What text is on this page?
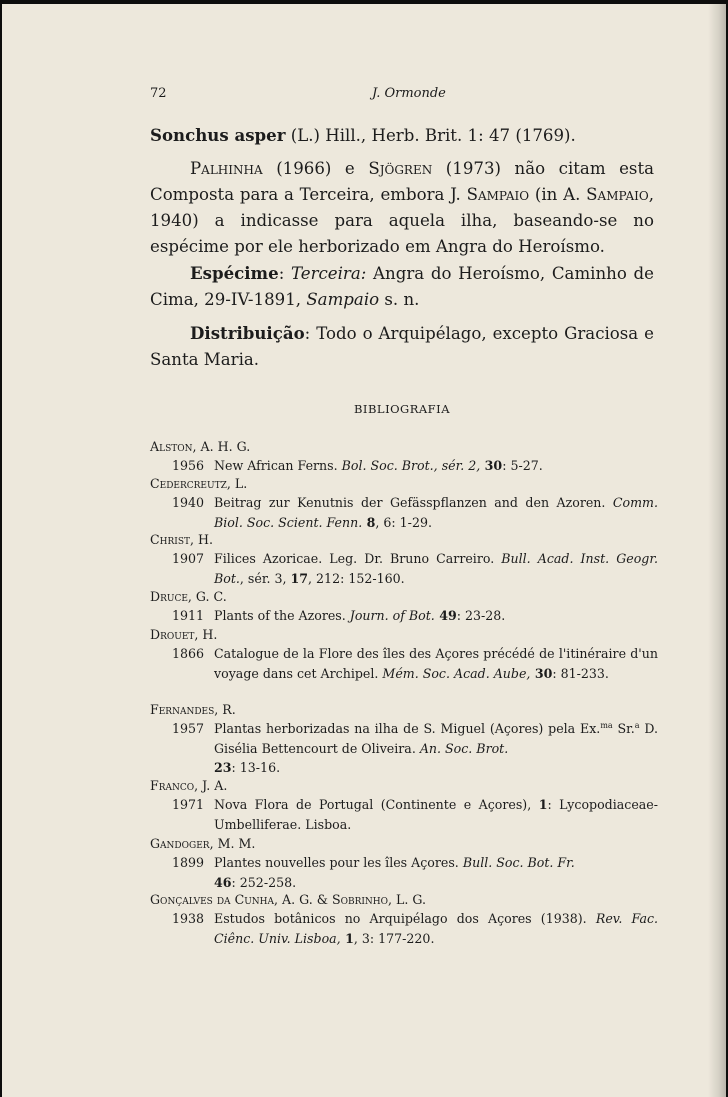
72	J. Ormonde

Sonchus asper (L.) Hill., Herb. Brit. 1: 47 (1769).

Palhinha (1966) e Sjögren (1973) não citam esta Composta para a Terceira, embora J. Sampaio (in A. Sampaio, 1940) a indicasse para aquela ilha, baseando-se no espécime por ele herborizado em Angra do Heroísmo.

Espécime: Terceira: Angra do Heroísmo, Caminho de Cima, 29-IV-1891, Sampaio s. n.

Distribuição: Todo o Arquipélago, excepto Graciosa e Santa Maria.

BIBLIOGRAFIA
Alston, A. H. G.
1956 New African Ferns. Bol. Soc. Brot., sér. 2, 30: 5-27.
Cedercreutz, L.
1940 Beitrag zur Kenutnis der Gefässpflanzen and den Azoren. Comm. Biol. Soc. Scient. Fenn. 8, 6: 1-29.
Christ, H.
1907 Filices Azoricae. Leg. Dr. Bruno Carreiro. Bull. Acad. Inst. Geogr. Bot., sér. 3, 17, 212: 152-160.
Druce, G. C.
1911 Plants of the Azores. Journ. of Bot. 49: 23-28.
Drouet, H.
1866 Catalogue de la Flore des îles des Açores précédé de l'itinéraire d'un voyage dans cet Archipel. Mém. Soc. Acad. Aube, 30: 81-233.
Fernandes, R.
1957 Plantas herborizadas na ilha de S. Miguel (Açores) pela Ex.$^{ma}$ Sr.$^a$ D. Gisélia Bettencourt de Oliveira. An. Soc. Brot.
23: 13-16.
Franco, J. A.
1971 Nova Flora de Portugal (Continente e Açores), 1: Lycopodiaceae-Umbelliferae. Lisboa.
Gandoger, M. M.
1899 Plantes nouvelles pour les îles Açores. Bull. Soc. Bot. Fr.
46: 252-258.
Gonçalves da Cunha, A. G. & Sobrinho, L. G.
1938 Estudos botânicos no Arquipélago dos Açores (1938). Rev. Fac. Ciênc. Univ. Lisboa, 1, 3: 177-220.
